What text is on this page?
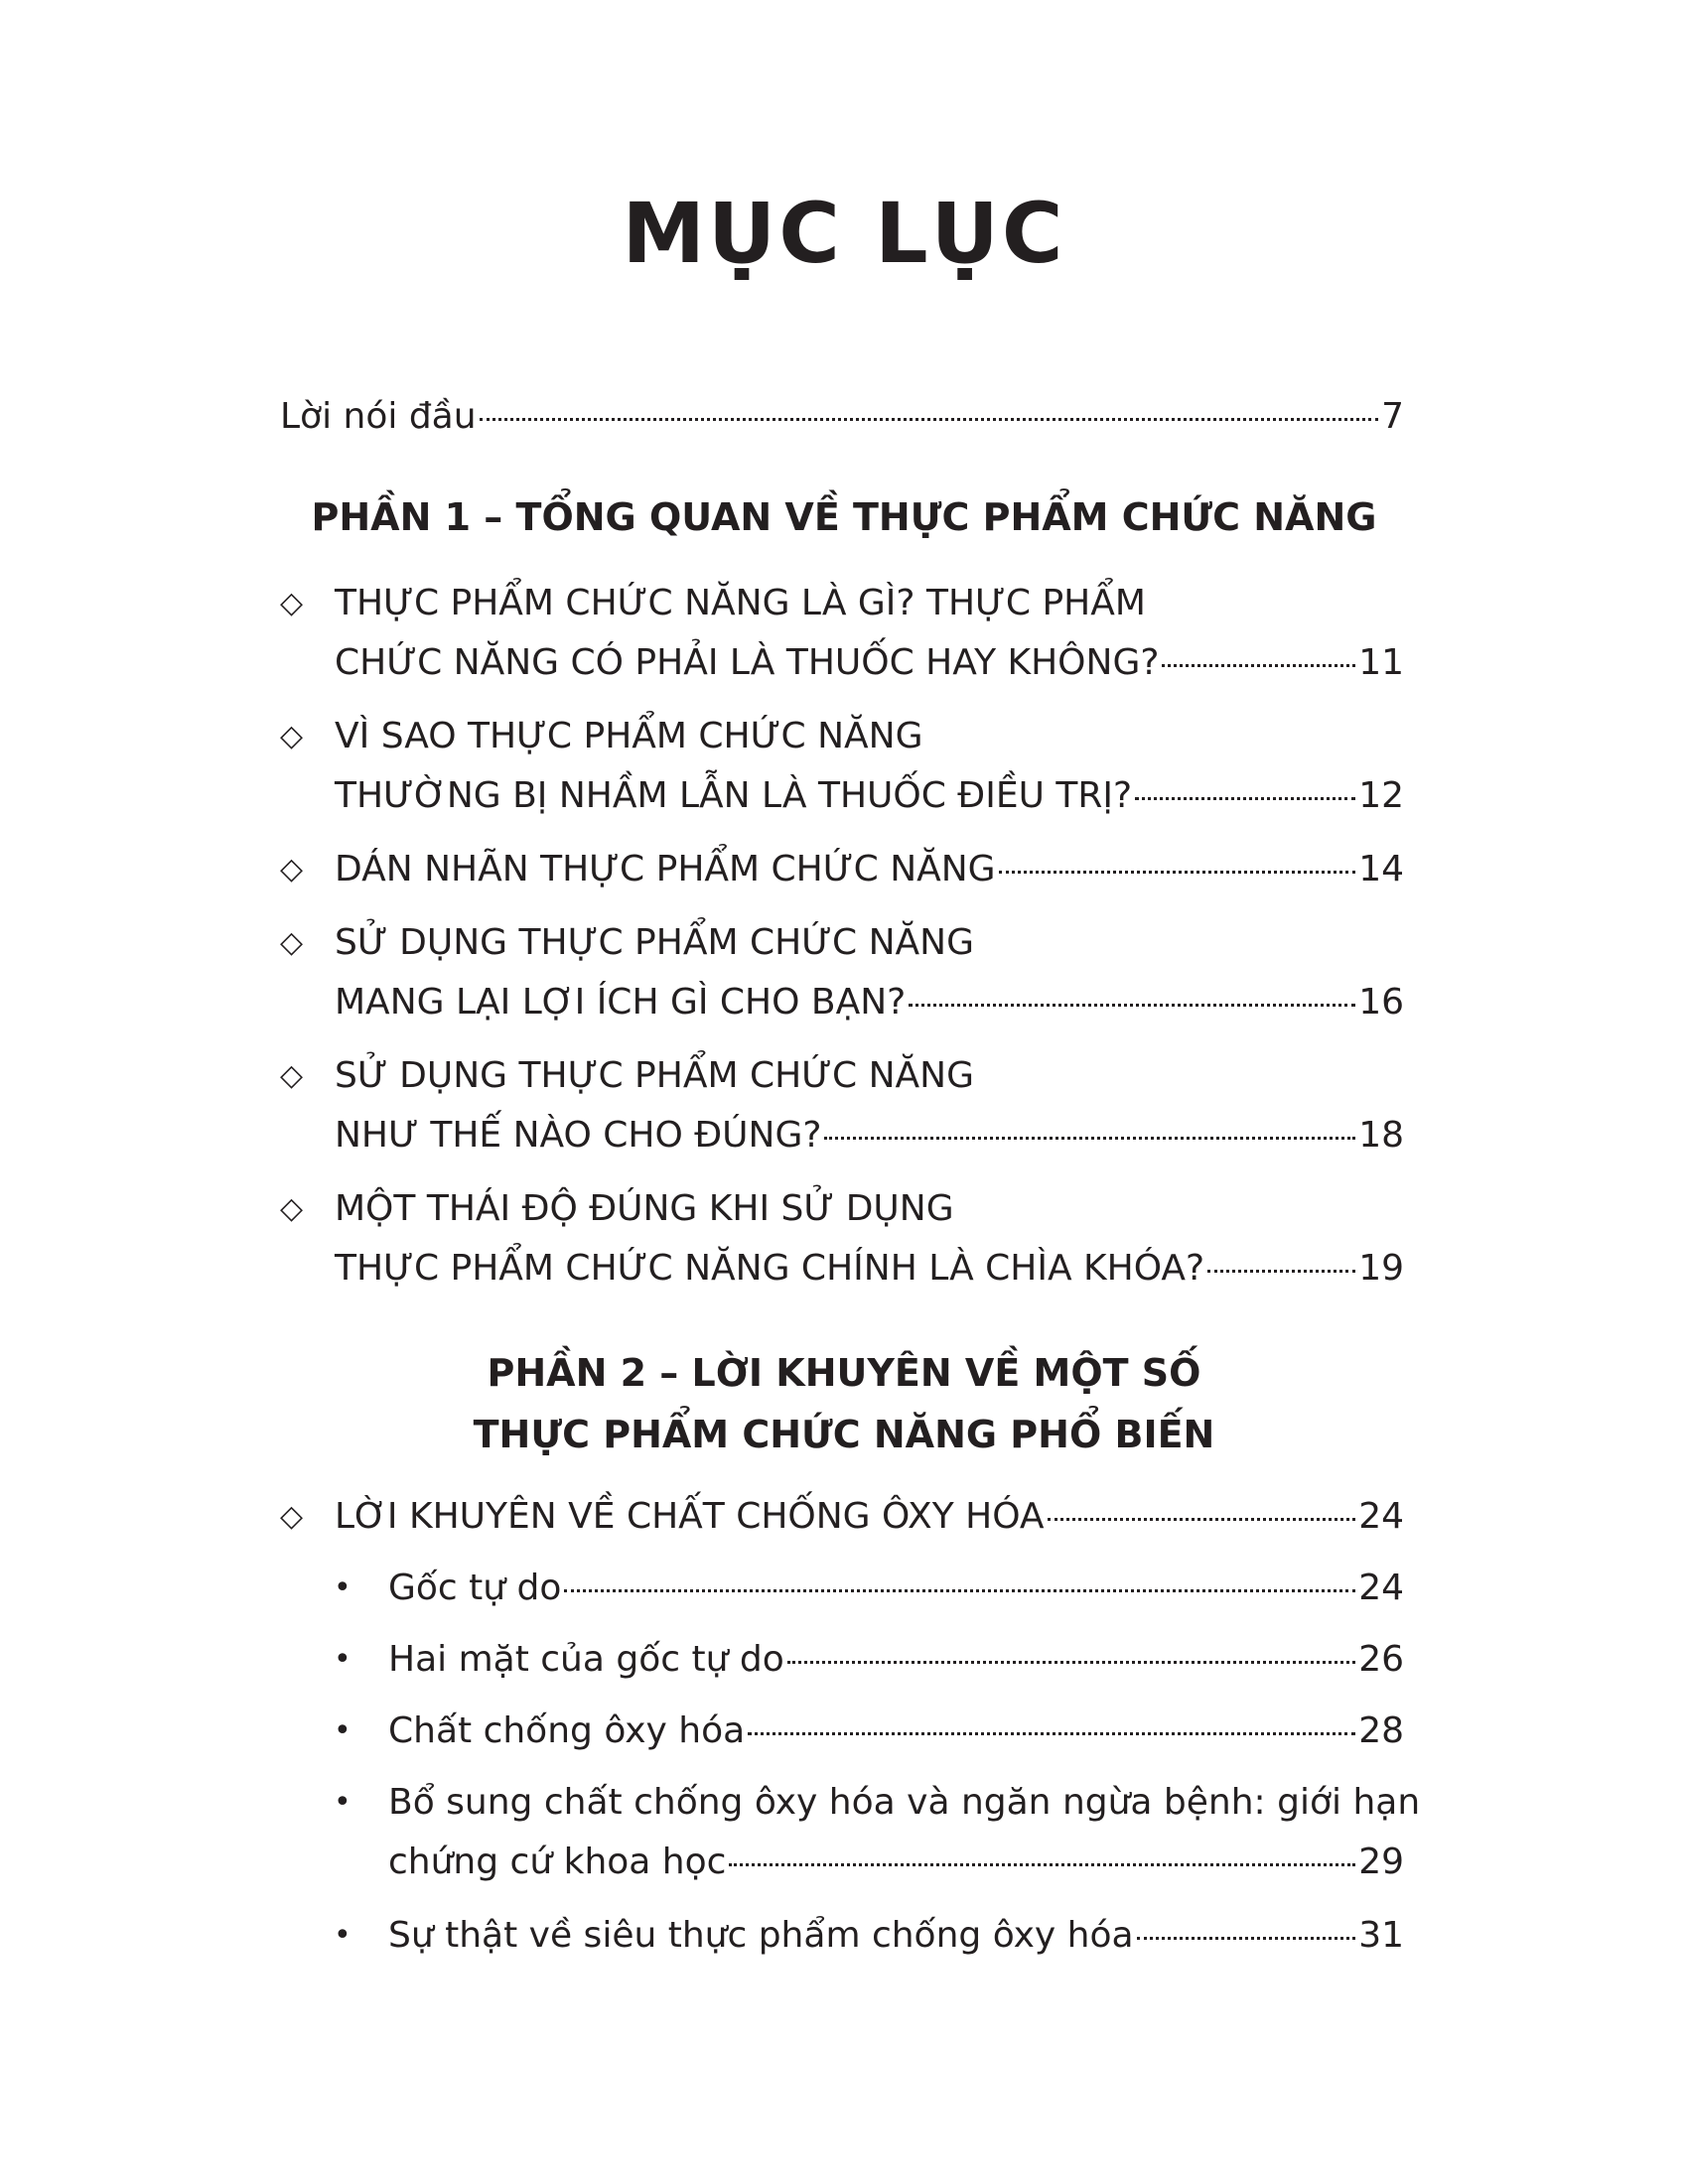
MỤC LỤC
Lời nói đầu	7
PHẦN 1 – TỔNG QUAN VỀ THỰC PHẨM CHỨC NĂNG
◇ THỰC PHẨM CHỨC NĂNG LÀ GÌ? THỰC PHẨM
CHỨC NĂNG CÓ PHẢI LÀ THUỐC HAY KHÔNG?	11
◇ VÌ SAO THỰC PHẨM CHỨC NĂNG
THƯỜNG BỊ NHẦM LẪN LÀ THUỐC ĐIỀU TRỊ?	12
◇ DÁN NHÃN THỰC PHẨM CHỨC NĂNG	14
◇ SỬ DỤNG THỰC PHẨM CHỨC NĂNG
MANG LẠI LỢI ÍCH GÌ CHO BẠN?	16
◇ SỬ DỤNG THỰC PHẨM CHỨC NĂNG
NHƯ THẾ NÀO CHO ĐÚNG?	18
◇ MỘT THÁI ĐỘ ĐÚNG KHI SỬ DỤNG
THỰC PHẨM CHỨC NĂNG CHÍNH LÀ CHÌA KHÓA?	19
PHẦN 2 – LỜI KHUYÊN VỀ MỘT SỐ
THỰC PHẨM CHỨC NĂNG PHỔ BIẾN
◇ LỜI KHUYÊN VỀ CHẤT CHỐNG ÔXY HÓA	24
•	Gốc tự do	24
•	Hai mặt của gốc tự do	26
•	Chất chống ôxy hóa	28
•	Bổ sung chất chống ôxy hóa và ngăn ngừa bệnh: giới hạn
chứng cứ khoa học	29
•	Sự thật về siêu thực phẩm chống ôxy hóa	31
